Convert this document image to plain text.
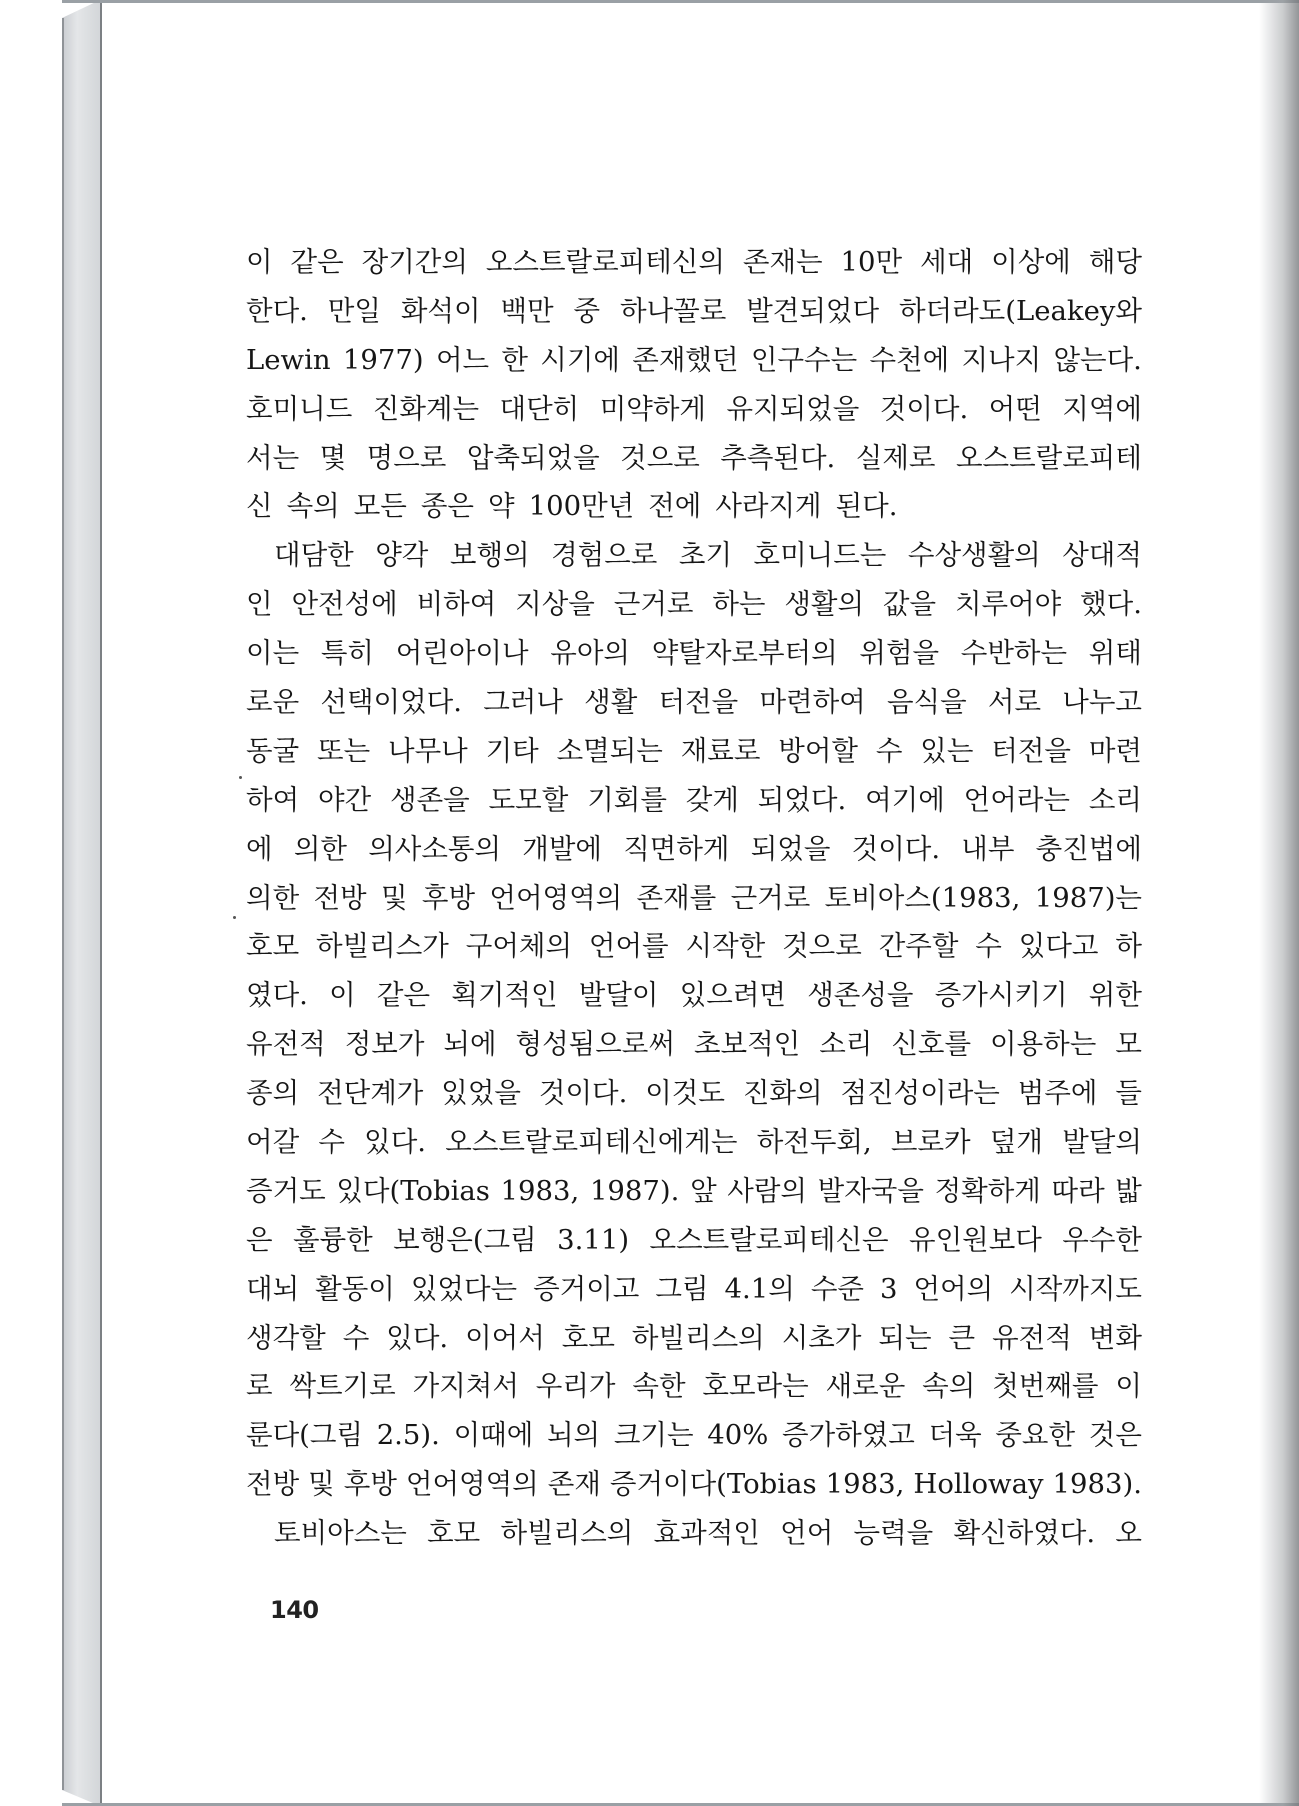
이 같은 장기간의 오스트랄로피테신의 존재는 10만 세대 이상에 해당
한다. 만일 화석이 백만 중 하나꼴로 발견되었다 하더라도(Leakey와
Lewin 1977) 어느 한 시기에 존재했던 인구수는 수천에 지나지 않는다.
호미니드 진화계는 대단히 미약하게 유지되었을 것이다. 어떤 지역에
서는 몇 명으로 압축되었을 것으로 추측된다. 실제로 오스트랄로피테
신 속의 모든 종은 약 100만년 전에 사라지게 된다.
대담한 양각 보행의 경험으로 초기 호미니드는 수상생활의 상대적
인 안전성에 비하여 지상을 근거로 하는 생활의 값을 치루어야 했다.
이는 특히 어린아이나 유아의 약탈자로부터의 위험을 수반하는 위태
로운 선택이었다. 그러나 생활 터전을 마련하여 음식을 서로 나누고
동굴 또는 나무나 기타 소멸되는 재료로 방어할 수 있는 터전을 마련
하여 야간 생존을 도모할 기회를 갖게 되었다. 여기에 언어라는 소리
에 의한 의사소통의 개발에 직면하게 되었을 것이다. 내부 충진법에
의한 전방 및 후방 언어영역의 존재를 근거로 토비아스(1983, 1987)는
호모 하빌리스가 구어체의 언어를 시작한 것으로 간주할 수 있다고 하
였다. 이 같은 획기적인 발달이 있으려면 생존성을 증가시키기 위한
유전적 정보가 뇌에 형성됨으로써 초보적인 소리 신호를 이용하는 모
종의 전단계가 있었을 것이다. 이것도 진화의 점진성이라는 범주에 들
어갈 수 있다. 오스트랄로피테신에게는 하전두회, 브로카 덮개 발달의
증거도 있다(Tobias 1983, 1987). 앞 사람의 발자국을 정확하게 따라 밟
은 훌륭한 보행은(그림 3.11) 오스트랄로피테신은 유인원보다 우수한
대뇌 활동이 있었다는 증거이고 그림 4.1의 수준 3 언어의 시작까지도
생각할 수 있다. 이어서 호모 하빌리스의 시초가 되는 큰 유전적 변화
로 싹트기로 가지쳐서 우리가 속한 호모라는 새로운 속의 첫번째를 이
룬다(그림 2.5). 이때에 뇌의 크기는 40% 증가하였고 더욱 중요한 것은
전방 및 후방 언어영역의 존재 증거이다(Tobias 1983, Holloway 1983).
토비아스는 호모 하빌리스의 효과적인 언어 능력을 확신하였다. 오
140
